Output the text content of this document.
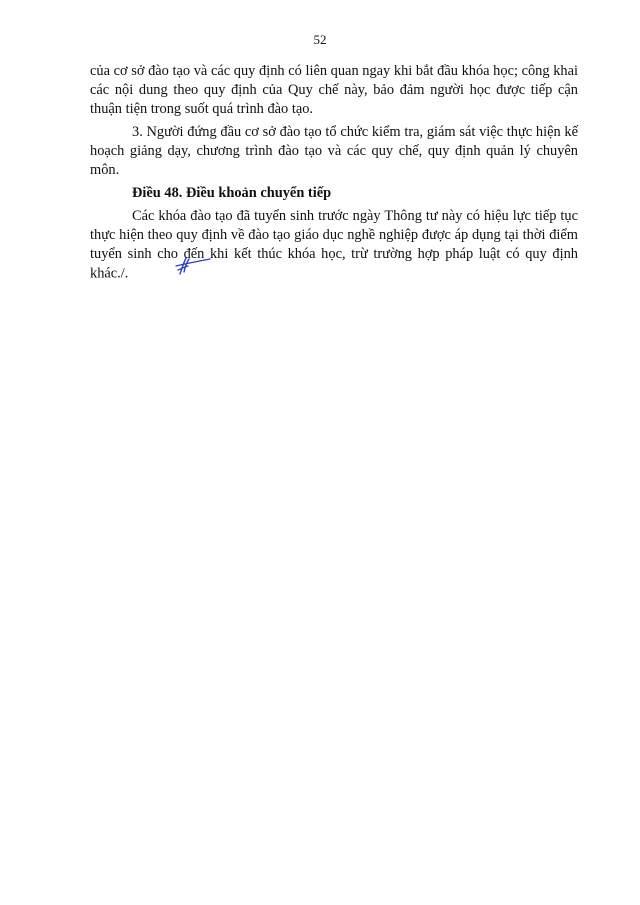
52

của cơ sở đào tạo và các quy định có liên quan ngay khi bắt đầu khóa học; công khai các nội dung theo quy định của Quy chế này, bảo đảm người học được tiếp cận thuận tiện trong suốt quá trình đào tạo.

3. Người đứng đầu cơ sở đào tạo tổ chức kiểm tra, giám sát việc thực hiện kế hoạch giảng dạy, chương trình đào tạo và các quy chế, quy định quản lý chuyên môn.

Điều 48. Điều khoản chuyển tiếp

Các khóa đào tạo đã tuyển sinh trước ngày Thông tư này có hiệu lực tiếp tục thực hiện theo quy định về đào tạo giáo dục nghề nghiệp được áp dụng tại thời điểm tuyển sinh cho đến khi kết thúc khóa học, trừ trường hợp pháp luật có quy định khác./.
